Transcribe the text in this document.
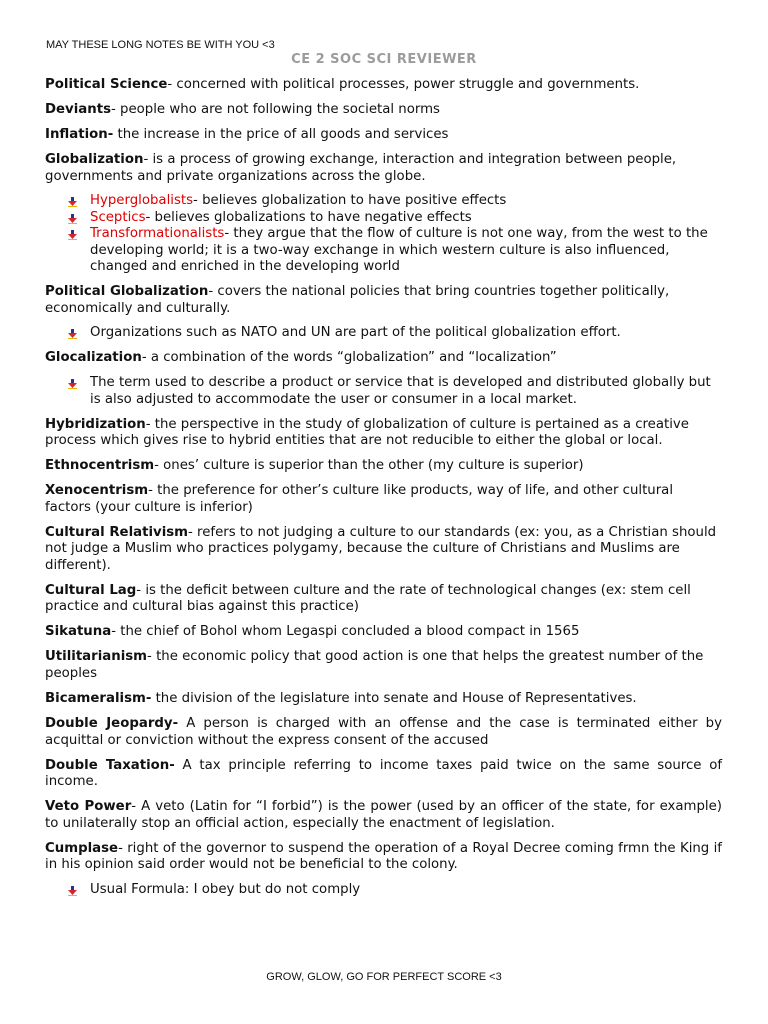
MAY THESE LONG NOTES BE WITH YOU <3
CE 2 SOC SCI REVIEWER

Political Science- concerned with political processes, power struggle and governments.

Deviants- people who are not following the societal norms

Inflation- the increase in the price of all goods and services

Globalization- is a process of growing exchange, interaction and integration between people, governments and private organizations across the globe.

Hyperglobalists- believes globalization to have positive effects
Sceptics- believes globalizations to have negative effects
Transformationalists- they argue that the flow of culture is not one way, from the west to the developing world; it is a two-way exchange in which western culture is also influenced, changed and enriched in the developing world

Political Globalization- covers the national policies that bring countries together politically, economically and culturally.

Organizations such as NATO and UN are part of the political globalization effort.

Glocalization- a combination of the words “globalization” and “localization”

The term used to describe a product or service that is developed and distributed globally but is also adjusted to accommodate the user or consumer in a local market.

Hybridization- the perspective in the study of globalization of culture is pertained as a creative process which gives rise to hybrid entities that are not reducible to either the global or local.

Ethnocentrism- ones’ culture is superior than the other (my culture is superior)

Xenocentrism- the preference for other’s culture like products, way of life, and other cultural factors (your culture is inferior)

Cultural Relativism- refers to not judging a culture to our standards (ex: you, as a Christian should not judge a Muslim who practices polygamy, because the culture of Christians and Muslims are different).

Cultural Lag- is the deficit between culture and the rate of technological changes (ex: stem cell practice and cultural bias against this practice)

Sikatuna- the chief of Bohol whom Legaspi concluded a blood compact in 1565

Utilitarianism- the economic policy that good action is one that helps the greatest number of the peoples

Bicameralism- the division of the legislature into senate and House of Representatives.

Double Jeopardy- A person is charged with an offense and the case is terminated either by acquittal or conviction without the express consent of the accused

Double Taxation- A tax principle referring to income taxes paid twice on the same source of income.

Veto Power- A veto (Latin for “I forbid”) is the power (used by an officer of the state, for example) to unilaterally stop an official action, especially the enactment of legislation.

Cumplase- right of the governor to suspend the operation of a Royal Decree coming frmn the King if in his opinion said order would not be beneficial to the colony.

Usual Formula: I obey but do not comply
GROW, GLOW, GO FOR PERFECT SCORE <3
